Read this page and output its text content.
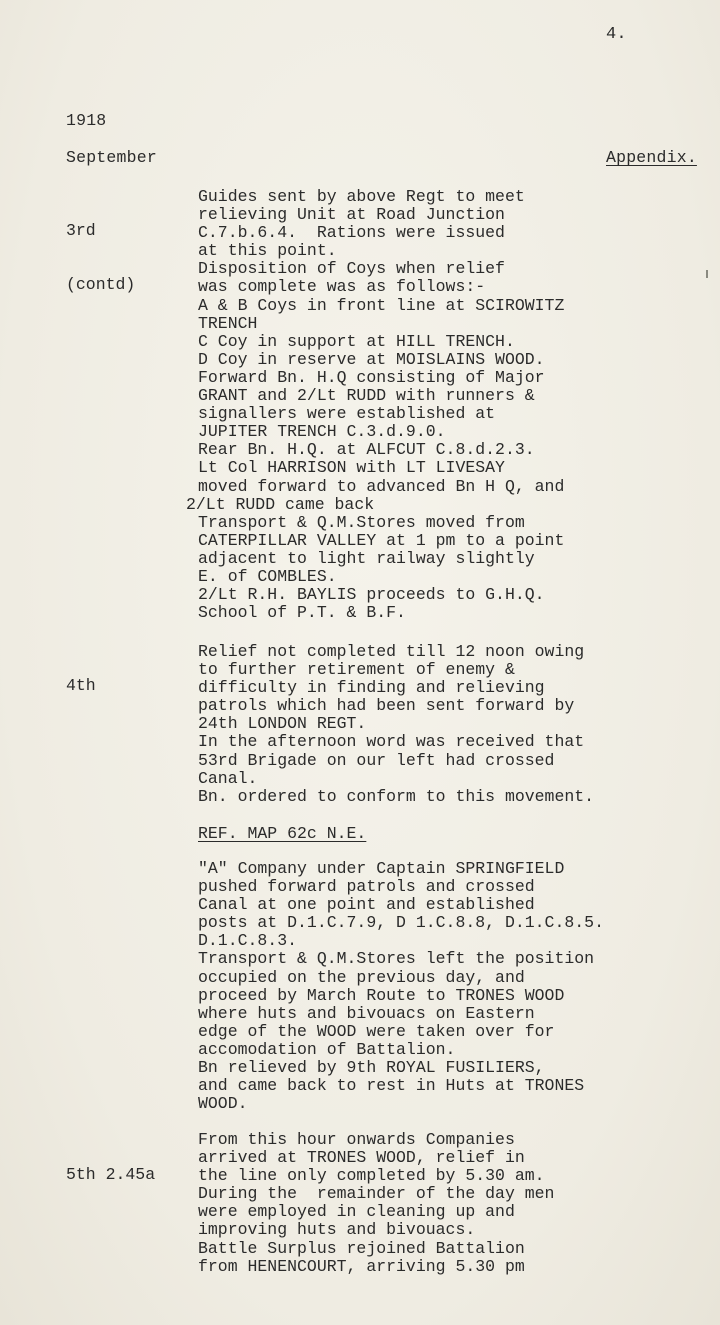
4.
1918
September	Appendix.

3rd

(contd)

Guides sent by above Regt to meet
relieving Unit at Road Junction
C.7.b.6.4.  Rations were issued
at this point.
Disposition of Coys when relief
was complete was as follows:-
A & B Coys in front line at SCIROWITZ
TRENCH
C Coy in support at HILL TRENCH.
D Coy in reserve at MOISLAINS WOOD.
Forward Bn. H.Q consisting of Major
GRANT and 2/Lt RUDD with runners &
signallers were established at
JUPITER TRENCH C.3.d.9.0.
Rear Bn. H.Q. at ALFCUT C.8.d.2.3.
Lt Col HARRISON with LT LIVESAY
moved forward to advanced Bn H Q, and
2/Lt RUDD came back
Transport & Q.M.Stores moved from
CATERPILLAR VALLEY at 1 pm to a point
adjacent to light railway slightly
E. of COMBLES.
2/Lt R.H. BAYLIS proceeds to G.H.Q.
School of P.T. & B.F.

4th

Relief not completed till 12 noon owing
to further retirement of enemy &
difficulty in finding and relieving
patrols which had been sent forward by
24th LONDON REGT.
In the afternoon word was received that
53rd Brigade on our left had crossed
Canal.
Bn. ordered to conform to this movement.
REF. MAP 62c N.E.
"A" Company under Captain SPRINGFIELD
pushed forward patrols and crossed
Canal at one point and established
posts at D.1.C.7.9, D 1.C.8.8, D.1.C.8.5.
D.1.C.8.3.
Transport & Q.M.Stores left the position
occupied on the previous day, and
proceed by March Route to TRONES WOOD
where huts and bivouacs on Eastern
edge of the WOOD were taken over for
accomodation of Battalion.
Bn relieved by 9th ROYAL FUSILIERS,
and came back to rest in Huts at TRONES
WOOD.

5th 2.45a

From this hour onwards Companies
arrived at TRONES WOOD, relief in
the line only completed by 5.30 am.
During the  remainder of the day men
were employed in cleaning up and
improving huts and bivouacs.
Battle Surplus rejoined Battalion
from HENENCOURT, arriving 5.30 pm
